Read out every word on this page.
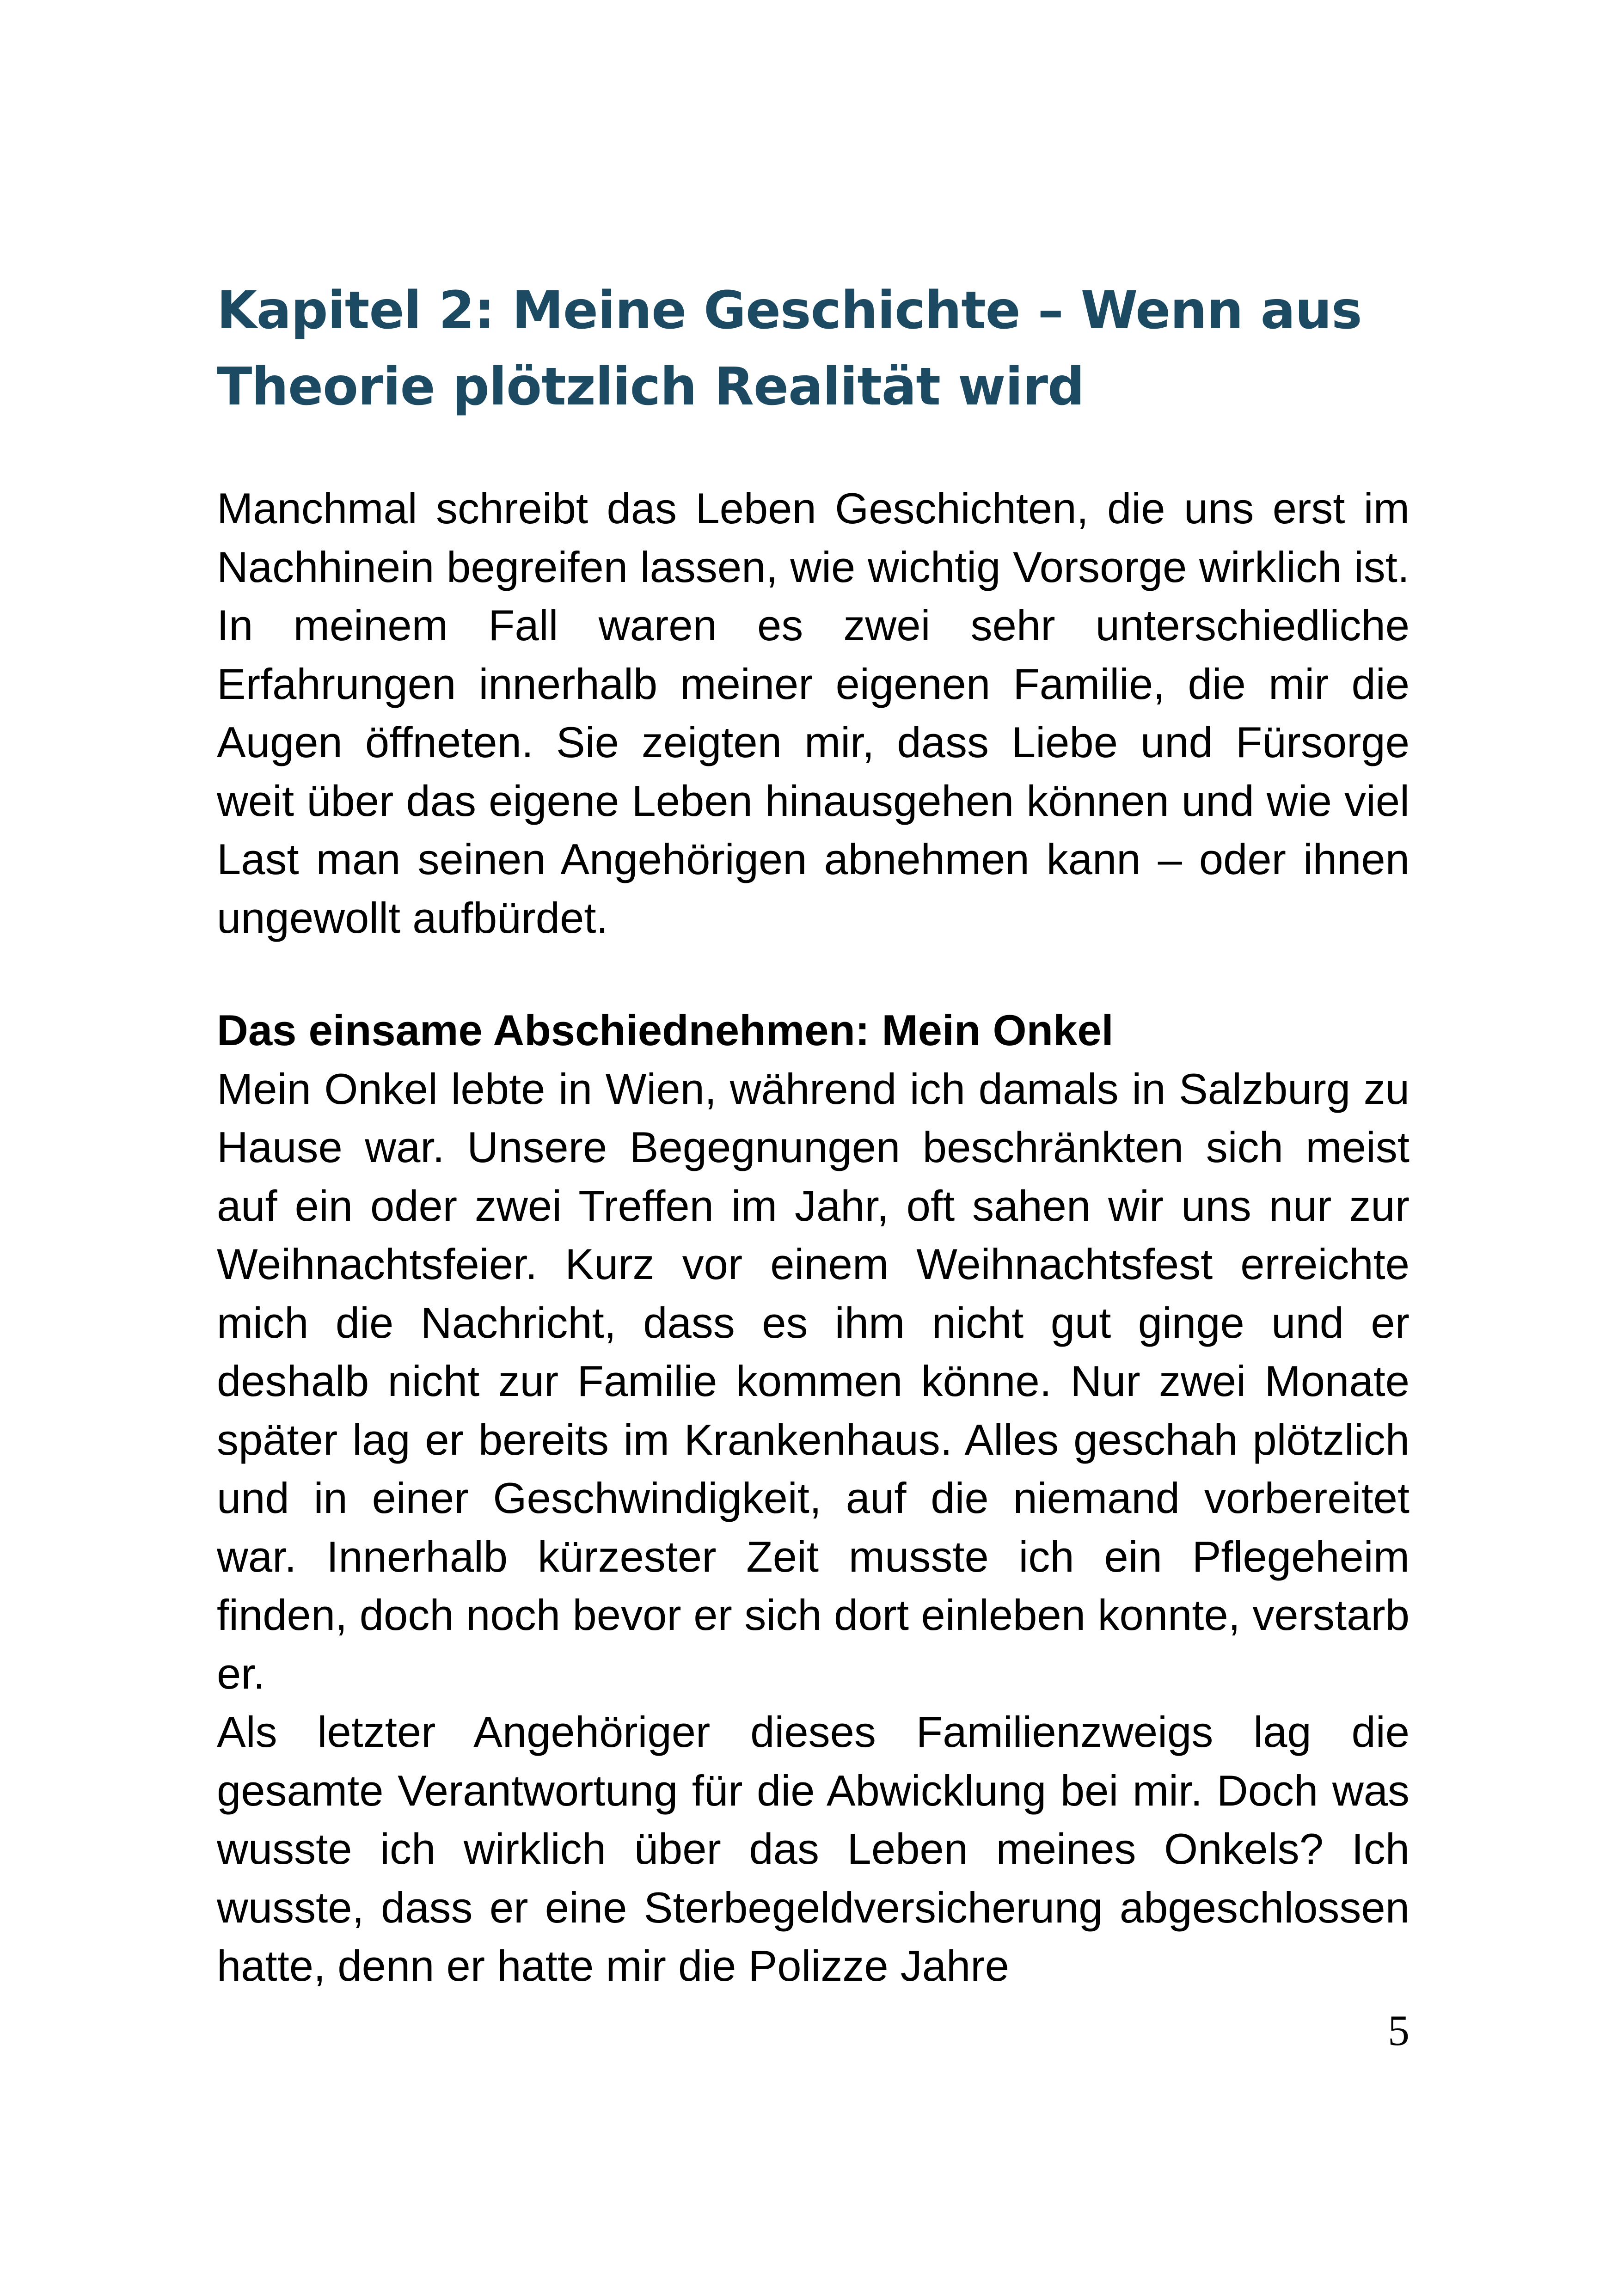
Kapitel 2: Meine Geschichte – Wenn aus Theorie plötzlich Realität wird

Manchmal schreibt das Leben Geschichten, die uns erst im Nachhinein begreifen lassen, wie wichtig Vorsorge wirklich ist. In meinem Fall waren es zwei sehr unterschiedliche Erfahrungen innerhalb meiner eigenen Familie, die mir die Augen öffneten. Sie zeigten mir, dass Liebe und Fürsorge weit über das eigene Leben hinausgehen können und wie viel Last man seinen Angehörigen abnehmen kann – oder ihnen ungewollt aufbürdet.

Das einsame Abschiednehmen: Mein Onkel

Mein Onkel lebte in Wien, während ich damals in Salzburg zu Hause war. Unsere Begegnungen beschränkten sich meist auf ein oder zwei Treffen im Jahr, oft sahen wir uns nur zur Weihnachtsfeier. Kurz vor einem Weihnachtsfest erreichte mich die Nachricht, dass es ihm nicht gut ginge und er deshalb nicht zur Familie kommen könne. Nur zwei Monate später lag er bereits im Krankenhaus. Alles geschah plötzlich und in einer Geschwindigkeit, auf die niemand vorbereitet war. Innerhalb kürzester Zeit musste ich ein Pflegeheim finden, doch noch bevor er sich dort einleben konnte, verstarb er.

Als letzter Angehöriger dieses Familienzweigs lag die gesamte Verantwortung für die Abwicklung bei mir. Doch was wusste ich wirklich über das Leben meines Onkels? Ich wusste, dass er eine Sterbegeldversicherung abgeschlossen hatte, denn er hatte mir die Polizze Jahre

5
